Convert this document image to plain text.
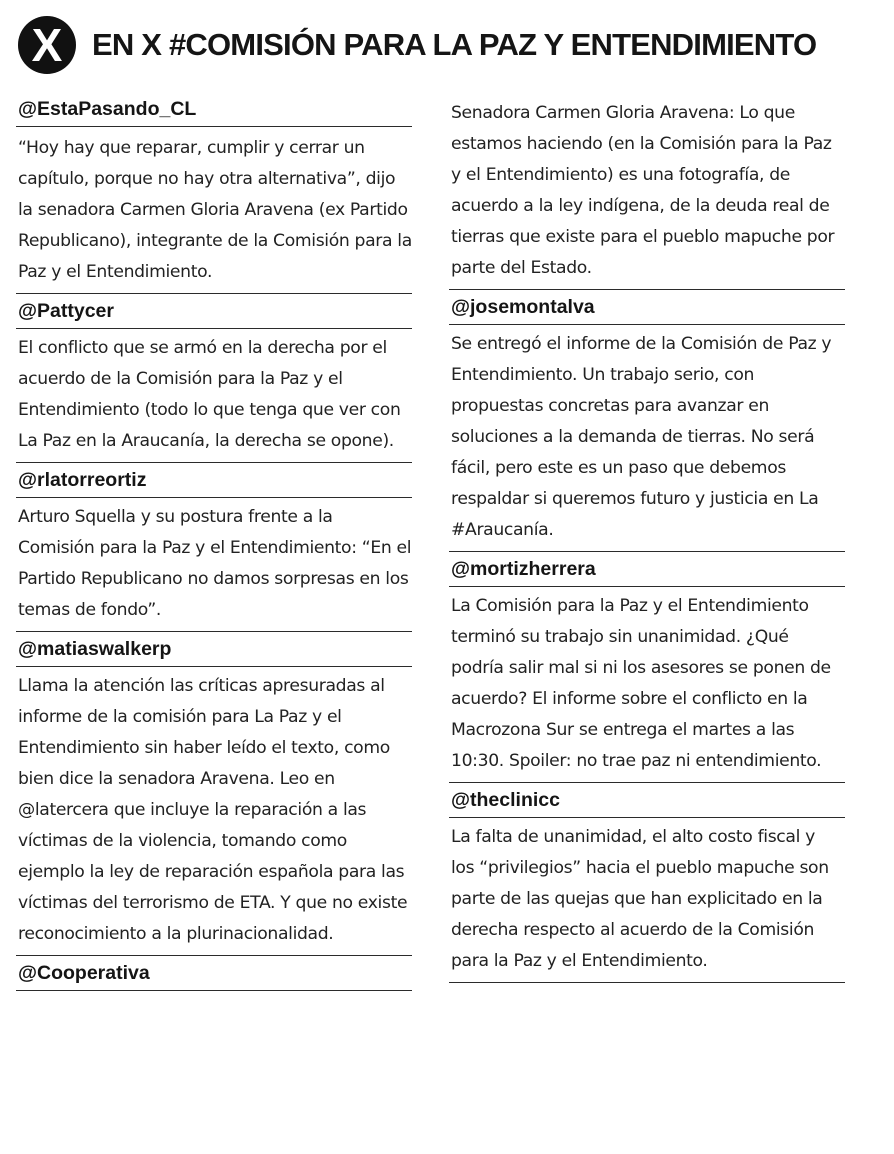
X EN X #COMISIÓN PARA LA PAZ Y ENTENDIMIENTO
@EstaPasando_CL
“Hoy hay que reparar, cumplir y cerrar un capítulo, porque no hay otra alternativa”, dijo la senadora Carmen Gloria Aravena (ex Partido Republicano), integrante de la Comisión para la Paz y el Entendimiento.
@Pattycer
El conflicto que se armó en la derecha por el acuerdo de la Comisión para la Paz y el Entendimiento (todo lo que tenga que ver con La Paz en la Araucanía, la derecha se opone).
@rlatorreortiz
Arturo Squella y su postura frente a la Comisión para la Paz y el Entendimiento: “En el Partido Republicano no damos sorpresas en los temas de fondo”.
@matiaswalkerp
Llama la atención las críticas apresuradas al informe de la comisión para La Paz y el Entendimiento sin haber leído el texto, como bien dice la senadora Aravena. Leo en @latercera que incluye la reparación a las víctimas de la violencia, tomando como ejemplo la ley de reparación española para las víctimas del terrorismo de ETA. Y que no existe reconocimiento a la plurinacionalidad.
@Cooperativa
Senadora Carmen Gloria Aravena: Lo que estamos haciendo (en la Comisión para la Paz y el Entendimiento) es una fotografía, de acuerdo a la ley indígena, de la deuda real de tierras que existe para el pueblo mapuche por parte del Estado.
@josemontalva
Se entregó el informe de la Comisión de Paz y Entendimiento. Un trabajo serio, con propuestas concretas para avanzar en soluciones a la demanda de tierras. No será fácil, pero este es un paso que debemos respaldar si queremos futuro y justicia en La #Araucanía.
@mortizherrera
La Comisión para la Paz y el Entendimiento terminó su trabajo sin unanimidad. ¿Qué podría salir mal si ni los asesores se ponen de acuerdo? El informe sobre el conflicto en la Macrozona Sur se entrega el martes a las 10:30. Spoiler: no trae paz ni entendimiento.
@theclinicc
La falta de unanimidad, el alto costo fiscal y los “privilegios” hacia el pueblo mapuche son parte de las quejas que han explicitado en la derecha respecto al acuerdo de la Comisión para la Paz y el Entendimiento.
